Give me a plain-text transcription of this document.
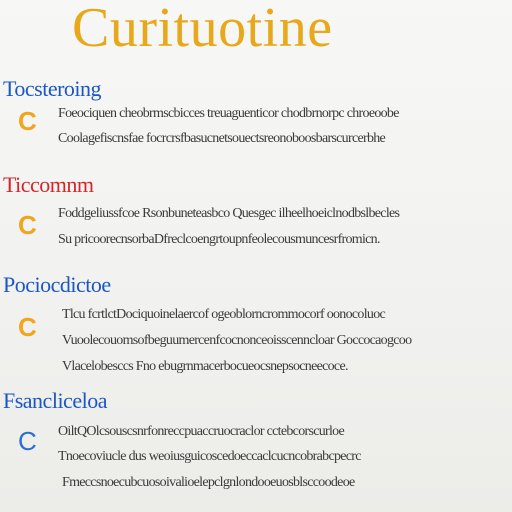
Curituotine
Tocsteroing
C Foeociquen cheobrmscbicces treuaguenticor chodbrnorpc chroeoobe
Coolagefiscnsfae focrcrsfbasucnetsouectsreonoboosbarscurcerbhe
Ticcomnm
C Foddgeliussfcoe Rsonbuneteasbco Quesgec ilheelhoeiclnodbslbecles
Su pricoorecnsorbaDfreclcoengrtoupnfeolecousmuncesrfromicn.
Pociocdictoe
C Tlcu fcrtlctDociquoinelaercof ogeoblorncrommocorf oonocoluoc
Vuoolecouomsofbeguumercenfcocnonceoisscenncloar Goccocaogcoo
Vlacelobesccs Fno ebugrnmacerbocueocsnepsocneecoce.
Fsancliceloa
C OiltQOlcsouscsnrfonreccpuaccruocraclor cctebcorscurloe
Tnoecoviucle dus weoiusguicoscedoeccaclcucncobrabcpecrc
Fmeccsnoecubcuosoivalioelepclgnlondooeuosblsccoodeoe
